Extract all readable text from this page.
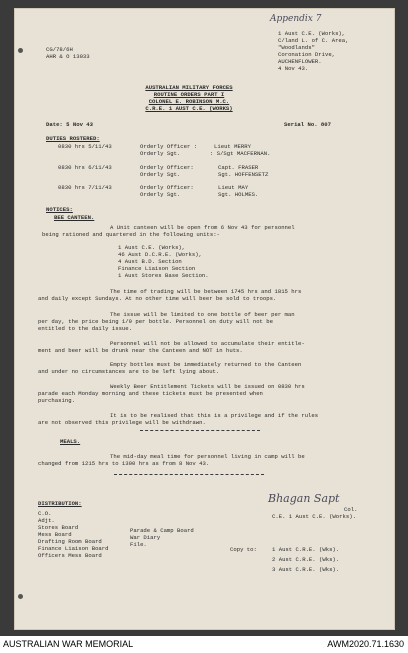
Appendix 7
CG/78/6H
AHR & O 13033
1 Aust C.E. (Works),
C/land L. of C. Area,
"Woodlands"
Coronation Drive,
AUCHENFLOWER.
4 Nov 43.
AUSTRALIAN MILITARY FORCES
ROUTINE ORDERS PART I
COLONEL E. ROBINSON M.C.
C.R.E. 1 AUST C.E. (WORKS)
Date: 5 Nov 43	Serial No. 807
DUTIES ROSTERED:
0830 hrs 5/11/43	Orderly Officer :	Lieut MERRY
Orderly Sgt.	: S/Sgt MACFERNAN.
0830 hrs 6/11/43	Orderly Officer:	Capt. FRASER
Orderly Sgt.	Sgt. HOFFENSETZ
0830 hrs 7/11/43	Orderly Officer:	Lieut MAY
Orderly Sgt.	Sgt. HOLMES.
NOTICES:
BEE CANTEEN.
A Unit canteen will be open from 6 Nov 43 for personnel
being rationed and quartered in the following units:-
1 Aust C.E. (Works),
46 Aust D.C.R.E. (Works),
4 Aust B.D. Section
Finance Liaison Section
1 Aust Stores Base Section.
The time of trading will be between 1745 hrs and 1815 hrs
and daily except Sundays. At no other time will beer be sold to troops.
The issue will be limited to one bottle of beer per man
per day, the price being 1/9 per bottle. Personnel on duty will not be
entitled to the daily issue.
Personnel will not be allowed to accumulate their entitle-
ment and beer will be drunk near the Canteen and NOT in huts.
Empty bottles must be immediately returned to the Canteen
and under no circumstances are to be left lying about.
Weekly Beer Entitlement Tickets will be issued on 0830 hrs
parade each Monday morning and these tickets must be presented when
purchasing.
It is to be realised that this is a privilege and if the rules
are not observed this privilege will be withdrawn.
MEALS.
The mid-day meal time for personnel living in camp will be
changed from 1215 hrs to 1300 hrs as from 8 Nov 43.
Bhagan Sapt
Col.
C.E. 1 Aust C.E. (Works).
DISTRIBUTION:
C.O.
Adjt.
Stores Board
Mess Board
Drafting Room Board
Finance Liaison Board
Officers Mess Board
Parade & Camp Board
War Diary
File.
Copy to:	1 Aust C.R.E. (Wks).
2 Aust C.R.E. (Wks).
3 Aust C.R.E. (Wks).
AUSTRALIAN WAR MEMORIAL	AWM2020.71.1630
